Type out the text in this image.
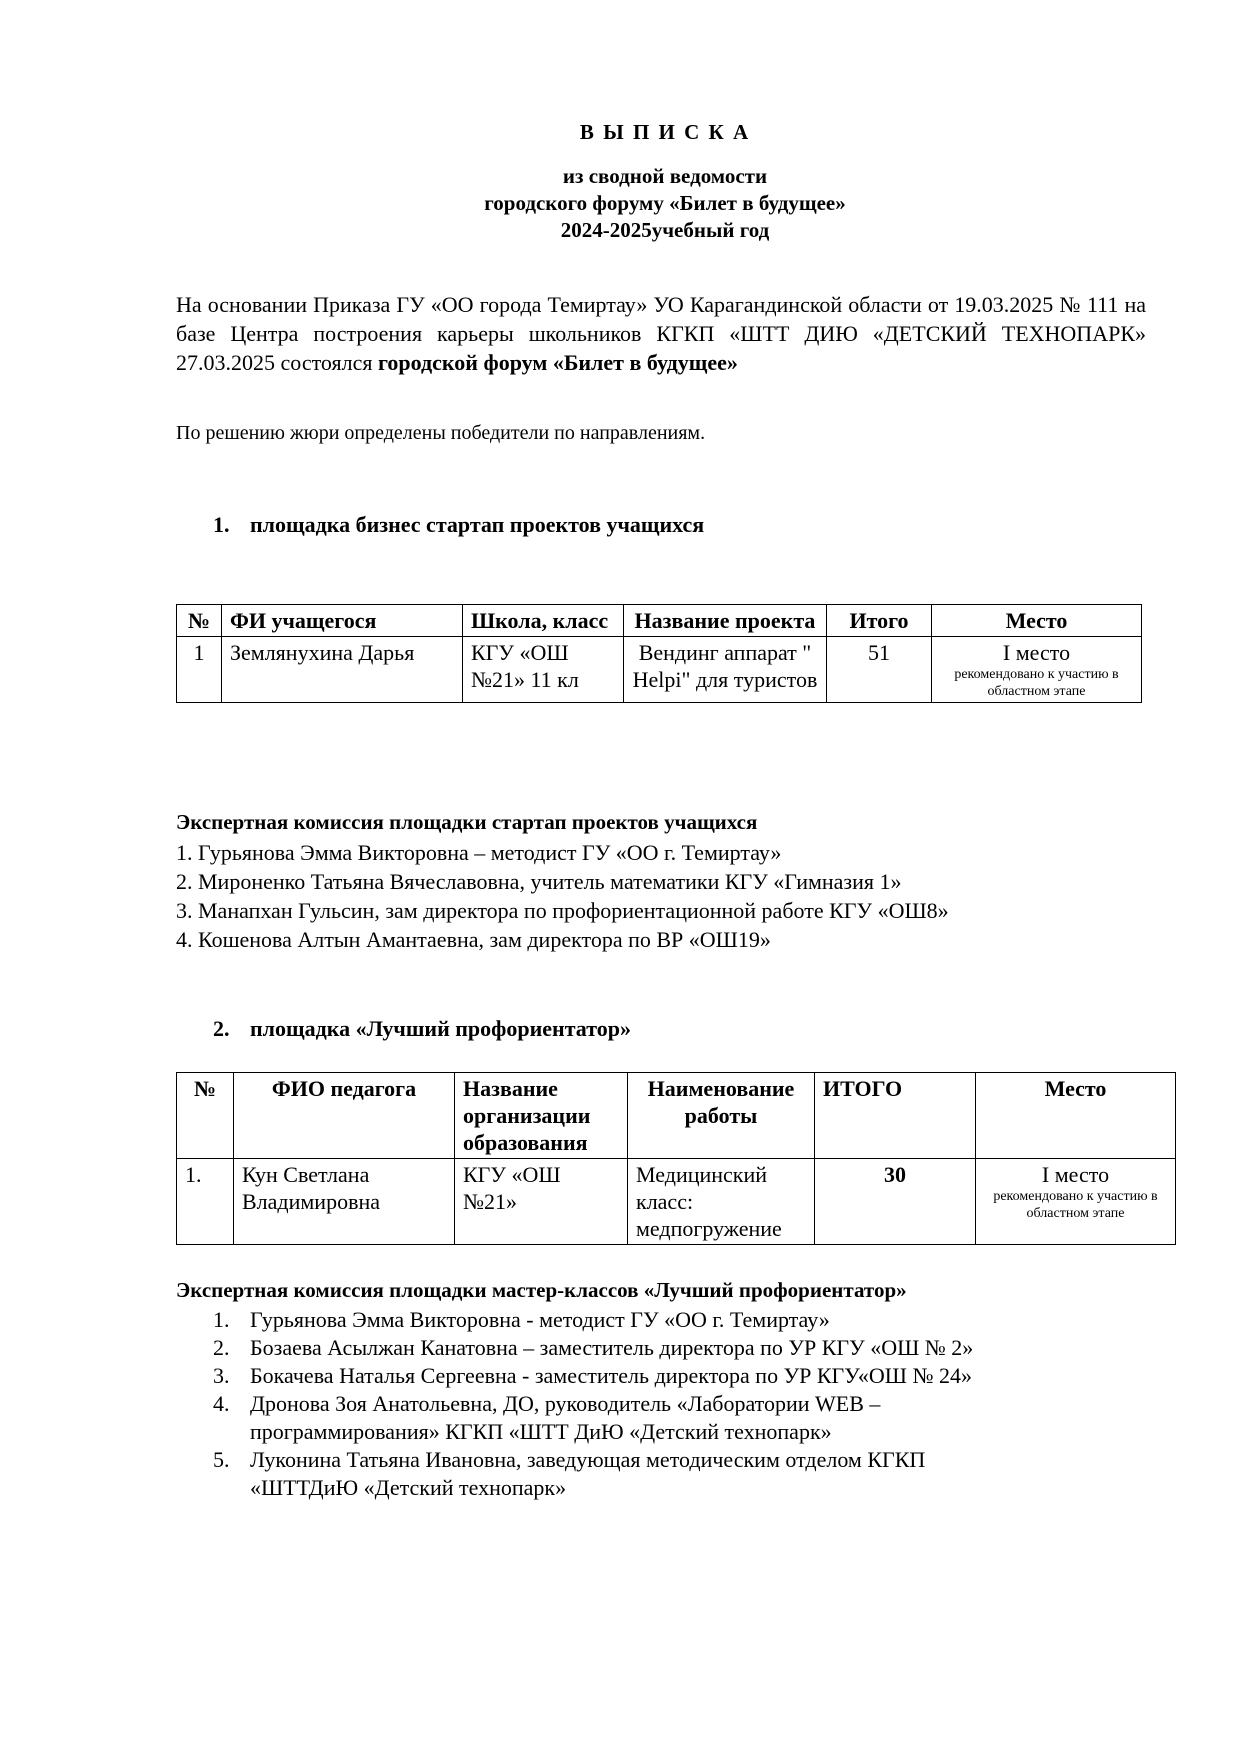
В Ы П И С К А
из сводной ведомости
городского форуму «Билет в будущее»
2024-2025учебный год
На основании Приказа ГУ «ОО города Темиртау» УО Карагандинской области от 19.03.2025 № 111 на базе Центра построения карьеры школьников КГКП «ШТТ ДИЮ «ДЕТСКИЙ ТЕХНОПАРК» 27.03.2025 состоялся городской форум «Билет в будущее»
По решению жюри определены победители по направлениям.
1. площадка бизнес стартап проектов учащихся
№	ФИ учащегося	Школа, класс	Название проекта	Итого	Место
1	Землянухина Дарья	КГУ «ОШ №21» 11 кл	Вендинг аппарат " Helpi" для туристов	51	I место
рекомендовано к участию в областном этапе
Экспертная комиссия площадки стартап проектов учащихся
1. Гурьянова Эмма Викторовна – методист ГУ «ОО г. Темиртау»
2. Мироненко Татьяна Вячеславовна, учитель математики КГУ «Гимназия 1»
3. Манапхан Гульсин, зам директора по профориентационной работе КГУ «ОШ8»
4. Кошенова Алтын Амантаевна, зам директора по ВР «ОШ19»
2. площадка «Лучший профориентатор»
№	ФИО педагога	Название организации образования	Наименование работы	ИТОГО	Место
1.	Кун Светлана Владимировна	КГУ «ОШ №21»	Медицинский класс: медпогружение	30	I место
рекомендовано к участию в областном этапе
Экспертная комиссия площадки мастер-классов «Лучший профориентатор»
1. Гурьянова Эмма Викторовна - методист ГУ «ОО г. Темиртау»
2. Бозаева Асылжан Канатовна – заместитель директора по УР КГУ «ОШ № 2»
3. Бокачева Наталья Сергеевна - заместитель директора по УР КГУ«ОШ № 24»
4. Дронова Зоя Анатольевна, ДО, руководитель «Лаборатории WEB – программирования» КГКП «ШТТ ДиЮ «Детский технопарк»
5. Луконина Татьяна Ивановна, заведующая методическим отделом КГКП «ШТТДиЮ «Детский технопарк»
